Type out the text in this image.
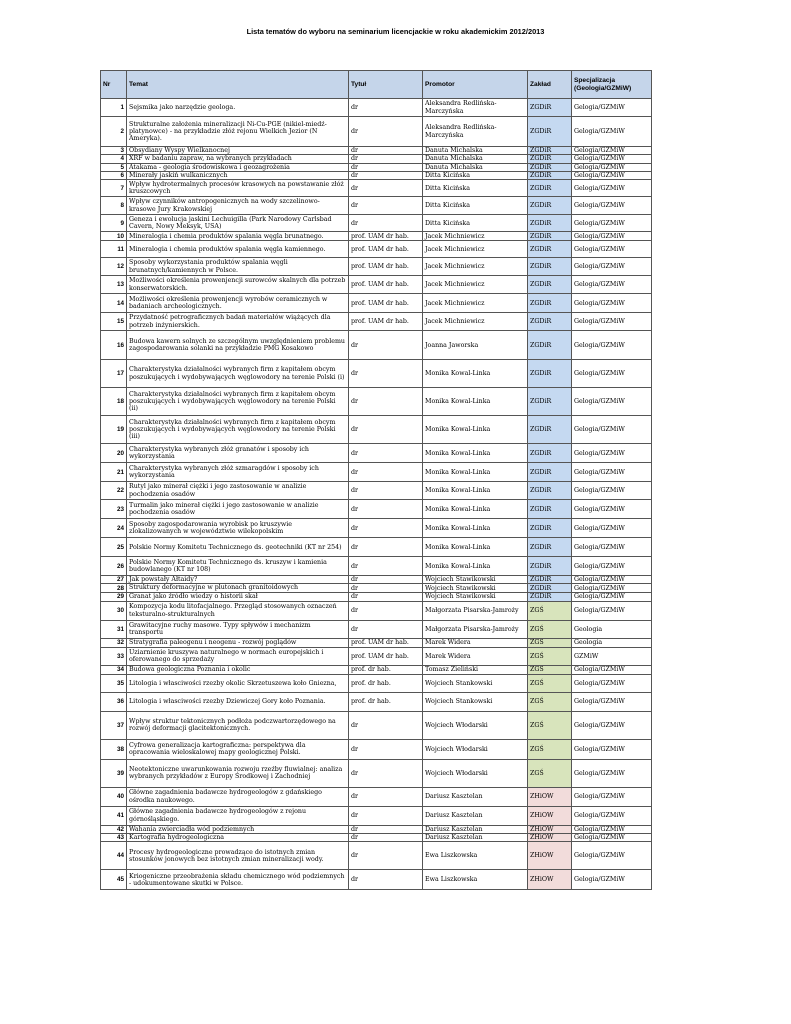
Lista tematów do wyboru na seminarium licencjackie w roku akademickim 2012/2013
Nr	Temat	Tytuł	Promotor	Zakład	Specjalizacja (Geologia/GZMiW)
1	Sejsmika jako narzędzie geologa.	dr	Aleksandra Redlińska-Marczyńska	ZGDiR	Gelogia/GZMiW
2	Strukturalne założenia mineralizacji Ni-Cu-PGE (nikiel-miedź-platynowce) - na przykładzie złóż rejonu Wielkich Jezior (N Ameryka).	dr	Aleksandra Redlińska-Marczyńska	ZGDiR	Gelogia/GZMiW
3	Obsydiany Wyspy Wielkanocnej	dr	Danuta Michalska	ZGDiR	Gelogia/GZMiW
4	XRF w badaniu zapraw, na wybranych przykładach	dr	Danuta Michalska	ZGDiR	Gelogia/GZMiW
5	Atakama - geologia środowiskowa i geozagrożenia	dr	Danuta Michalska	ZGDiR	Gelogia/GZMiW
6	Minerały jaskiń wulkanicznych	dr	Ditta Kicińska	ZGDiR	Gelogia/GZMiW
7	Wpływ hydrotermalnych procesów krasowych na powstawanie złóż kruszcowych	dr	Ditta Kicińska	ZGDiR	Gelogia/GZMiW
8	Wpływ czynników antropogenicznych na wody szczelinowo-krasowe Jury Krakowskiej	dr	Ditta Kicińska	ZGDiR	Gelogia/GZMiW
9	Geneza i ewolucja jaskini Lechuigilla (Park Narodowy Carlsbad Cavern, Nowy Meksyk, USA)	dr	Ditta Kicińska	ZGDiR	Gelogia/GZMiW
10	Mineralogia i chemia produktów spalania węgla brunatnego.	prof. UAM dr hab.	Jacek Michniewicz	ZGDiR	Gelogia/GZMiW
11	Mineralogia i chemia produktów spalania węgla kamiennego.	prof. UAM dr hab.	Jacek Michniewicz	ZGDiR	Gelogia/GZMiW
12	Sposoby wykorzystania produktów spalania węgli brunatnych/kamiennych w Polsce.	prof. UAM dr hab.	Jacek Michniewicz	ZGDiR	Gelogia/GZMiW
13	Możliwości określenia prowenjencji surowców skalnych dla potrzeb konserwatorskich.	prof. UAM dr hab.	Jacek Michniewicz	ZGDiR	Gelogia/GZMiW
14	Możliwości określenia prowenjencji wyrobów ceramicznych w badaniach archeologicznych.	prof. UAM dr hab.	Jacek Michniewicz	ZGDiR	Gelogia/GZMiW
15	Przydatność petrograficznych badań materiałów wiążących dla potrzeb inżynierskich.	prof. UAM dr hab.	Jacek Michniewicz	ZGDiR	Gelogia/GZMiW
16	Budowa kawern solnych ze szczególnym uwzględnieniem problemu zagospodarowania solanki na przykładzie PMG Kosakowo	dr	Joanna Jaworska	ZGDiR	Gelogia/GZMiW
17	Charakterystyka działalności wybranych firm z kapitałem obcym poszukujących i wydobywających węglowodory na terenie Polski (i)	dr	Monika Kowal-Linka	ZGDiR	Gelogia/GZMiW
18	Charakterystyka działalności wybranych firm z kapitałem obcym poszukujących i wydobywających węglowodory na terenie Polski (ii)	dr	Monika Kowal-Linka	ZGDiR	Gelogia/GZMiW
19	Charakterystyka działalności wybranych firm z kapitałem obcym poszukujących i wydobywających węglowodory na terenie Polski (iii)	dr	Monika Kowal-Linka	ZGDiR	Gelogia/GZMiW
20	Charakterystyka wybranych złóż granatów i sposoby ich wykorzystania	dr	Monika Kowal-Linka	ZGDiR	Gelogia/GZMiW
21	Charakterystyka wybranych złóż szmaragdów i sposoby ich wykorzystania	dr	Monika Kowal-Linka	ZGDiR	Gelogia/GZMiW
22	Rutyl jako minerał ciężki i jego zastosowanie w analizie pochodzenia osadów	dr	Monika Kowal-Linka	ZGDiR	Gelogia/GZMiW
23	Turmalin jako minerał ciężki i jego zastosowanie w analizie pochodzenia osadów	dr	Monika Kowal-Linka	ZGDiR	Gelogia/GZMiW
24	Sposoby zagospodarowania wyrobisk po kruszywie zlokalizowanych w województwie wilekopolskim	dr	Monika Kowal-Linka	ZGDiR	Gelogia/GZMiW
25	Polskie Normy Komitetu Technicznego ds. geotechniki (KT nr 254)	dr	Monika Kowal-Linka	ZGDiR	Gelogia/GZMiW
26	Polskie Normy Komitetu Technicznego ds. kruszyw i kamienia budowlanego (KT nr 108)	dr	Monika Kowal-Linka	ZGDiR	Gelogia/GZMiW
27	Jak powstały Ałtaidy?	dr	Wojciech Stawikowski	ZGDiR	Gelogia/GZMiW
28	Struktury deformacyjne w plutonach granitoidowych	dr	Wojciech Stawikowski	ZGDiR	Gelogia/GZMiW
29	Granat jako źródło wiedzy o historii skał	dr	Wojciech Stawikowski	ZGDiR	Gelogia/GZMiW
30	Kompozycja kodu litofacjalnego. Przegląd stosowanych oznaczeń teksturalno-strukturalnych	dr	Małgorzata Pisarska-Jamroży	ZGŚ	Gelogia/GZMiW
31	Grawitacyjne ruchy masowe. Typy spływów i mechanizm transportu	dr	Małgorzata Pisarska-Jamroży	ZGŚ	Geologia
32	Stratygrafia paleogenu i neogenu - rozwój poglądów	prof. UAM dr hab.	Marek Widera	ZGŚ	Geologia
33	Uziarnienie kruszywa naturalnego w normach europejskich i oferowanego do sprzedaży	prof. UAM dr hab.	Marek Widera	ZGŚ	GZMiW
34	Budowa geologiczna Poznania i okolic	prof. dr hab.	Tomasz Zieliński	ZGŚ	Gelogia/GZMiW
35	Litologia i własciwości rzezby okolic Skrzetuszewa koło Gniezna,	prof. dr hab.	Wojciech Stankowski	ZGŚ	Gelogia/GZMiW
36	Litologia i własciwości rzezby Dziewiczej Gory koło Poznania.	prof. dr hab.	Wojciech Stankowski	ZGŚ	Gelogia/GZMiW
37	Wpływ struktur tektonicznych podłoża podczwartorzędowego na rozwój deformacji glacitektonicznych.	dr	Wojciech Włodarski	ZGŚ	Gelogia/GZMiW
38	Cyfrowa generalizacja kartograficzna: perspektywa dla opracowania wieloskalowej mapy geologicznej Polski.	dr	Wojciech Włodarski	ZGŚ	Gelogia/GZMiW
39	Neotektoniczne uwarunkowania rozwoju rzeźby fluwialnej: analiza wybranych przykładów z Europy Środkowej i Zachodniej	dr	Wojciech Włodarski	ZGŚ	Gelogia/GZMiW
40	Główne zagadnienia badawcze hydrogeologów z gdańskiego ośrodka naukowego.	dr	Dariusz Kasztelan	ZHiOW	Gelogia/GZMiW
41	Główne zagadnienia badawcze hydrogeologów z rejonu górnośląskiego.	dr	Dariusz Kasztelan	ZHiOW	Gelogia/GZMiW
42	Wahania zwierciadła wód podziemnych	dr	Dariusz Kasztelan	ZHiOW	Gelogia/GZMiW
43	Kartografia hydrogeologiczna	dr	Dariusz Kasztelan	ZHiOW	Gelogia/GZMiW
44	Procesy hydrogeologiczne prowadzące do istotnych zmian stosunków jonowych bez istotnych zmian mineralizacji wody.	dr	Ewa Liszkowska	ZHiOW	Gelogia/GZMiW
45	Kriogeniczne przeobrażenia składu chemicznego wód podziemnych - udokumentowane skutki w Polsce.	dr	Ewa Liszkowska	ZHiOW	Gelogia/GZMiW
